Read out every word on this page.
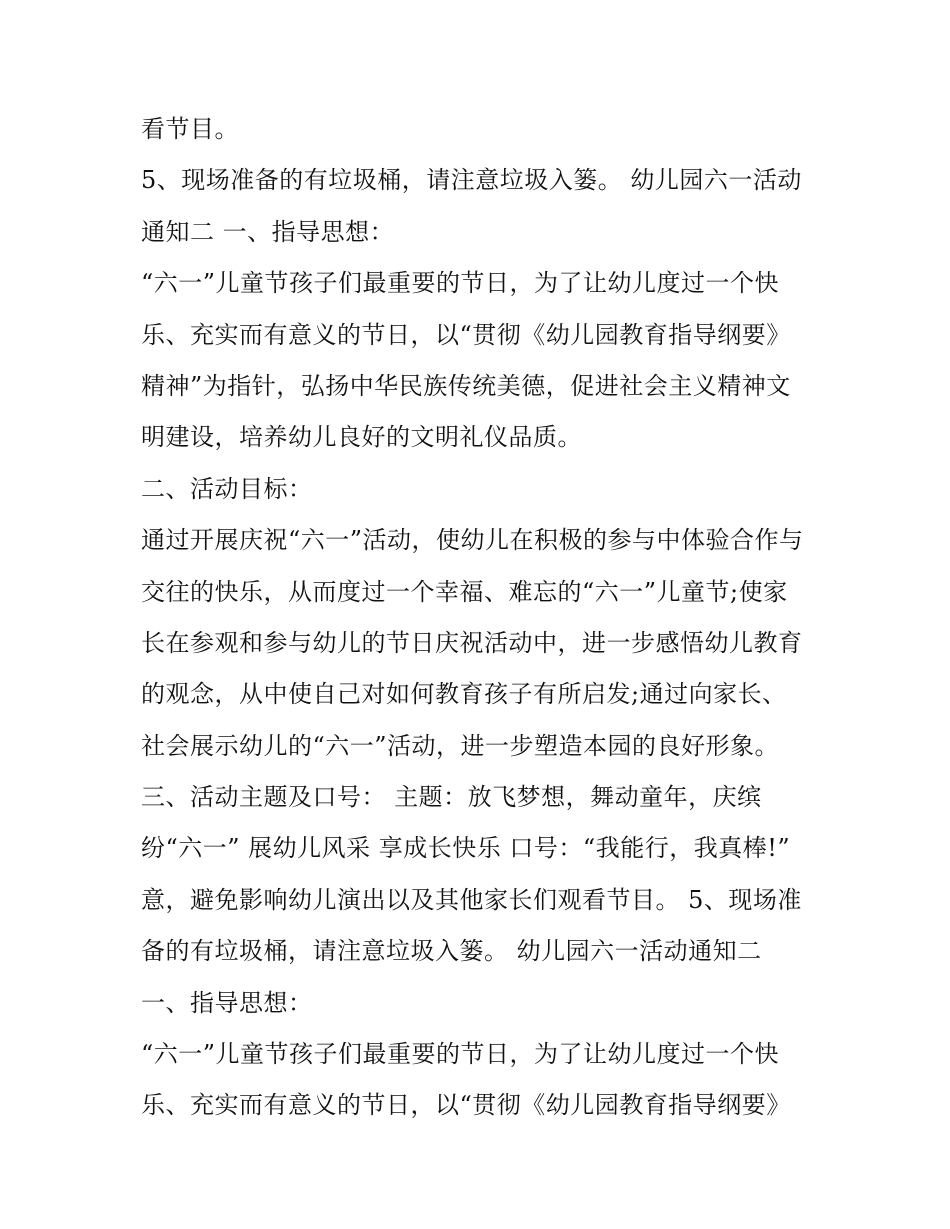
看节目。
5、现场准备的有垃圾桶，请注意垃圾入篓。 幼儿园六一活动
通知二 一、指导思想：
“六一”儿童节孩子们最重要的节日，为了让幼儿度过一个快
乐、充实而有意义的节日，以“贯彻《幼儿园教育指导纲要》
精神”为指针，弘扬中华民族传统美德，促进社会主义精神文
明建设，培养幼儿良好的文明礼仪品质。
二、活动目标：
通过开展庆祝“六一”活动，使幼儿在积极的参与中体验合作与
交往的快乐，从而度过一个幸福、难忘的“六一”儿童节;使家
长在参观和参与幼儿的节日庆祝活动中，进一步感悟幼儿教育
的观念，从中使自己对如何教育孩子有所启发;通过向家长、
社会展示幼儿的“六一”活动，进一步塑造本园的良好形象。
三、活动主题及口号： 主题：放飞梦想，舞动童年，庆缤
纷“六一” 展幼儿风采 享成长快乐 口号：“我能行，我真棒!”
意，避免影响幼儿演出以及其他家长们观看节目。 5、现场准
备的有垃圾桶，请注意垃圾入篓。 幼儿园六一活动通知二
一、指导思想：
“六一”儿童节孩子们最重要的节日，为了让幼儿度过一个快
乐、充实而有意义的节日，以“贯彻《幼儿园教育指导纲要》
